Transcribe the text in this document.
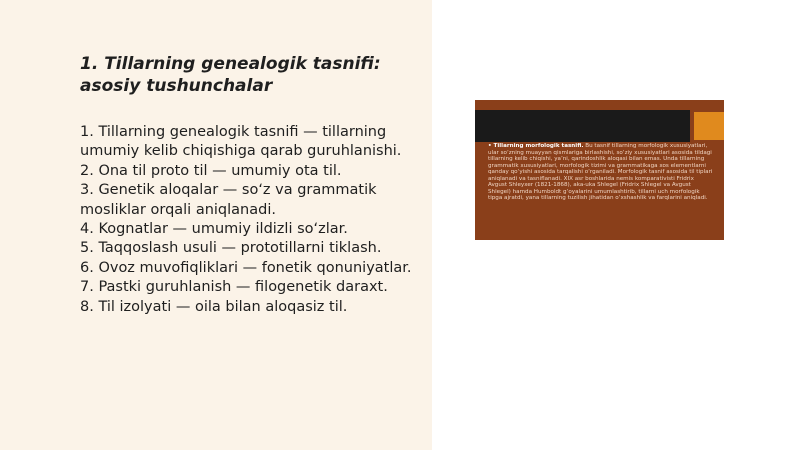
1. Tillarning genealogik tasnifi: asosiy tushunchalar
1. Tillarning genealogik tasnifi — tillarning umumiy kelib chiqishiga qarab guruhlanishi.
2. Ona til proto til — umumiy ota til.
3. Genetik aloqalar — so‘z va grammatik mosliklar orqali aniqlanadi.
4. Kognatlar — umumiy ildizli so‘zlar.
5. Taqqoslash usuli — prototillarni tiklash.
6. Ovoz muvofiqliklari — fonetik qonuniyatlar.
7. Pastki guruhlanish — filogenetik daraxt.
8. Til izolyati — oila bilan aloqasiz til.
• Tillarning morfologik tasnifi. Bu tasnif tillarning morfologik xususiyatlari, ular sо‘zning muayyan qismlariga birlashishi, so‘ziy xususiyatlari asosida tildagi tillarning kelib chiqishi, ya’ni, qarindoshlik aloqasi bilan emas. Unda tillarning grammatik xususiyatlari, morfologik tizimi va grammatikaga xos elementlarni qanday qo‘yishi asosida tarqalishi o‘rganiladi. Morfologik tasnif asosida til tiplari aniqlanadi va tasniflanadi. XIX asr boshlarida nemis komparativisti Fridrix Avgust Shleyxer (1821-1868), aka-uka Shlegel (Fridrix Shlegel va Avgust Shlegel) hamda Humboldt g‘oyalarini umumlashtirib, tillarni uch morfologik tipga ajratdi, yana tillarning tuzilish jihatidan o‘xshashlik va farqlarini aniqladi.
